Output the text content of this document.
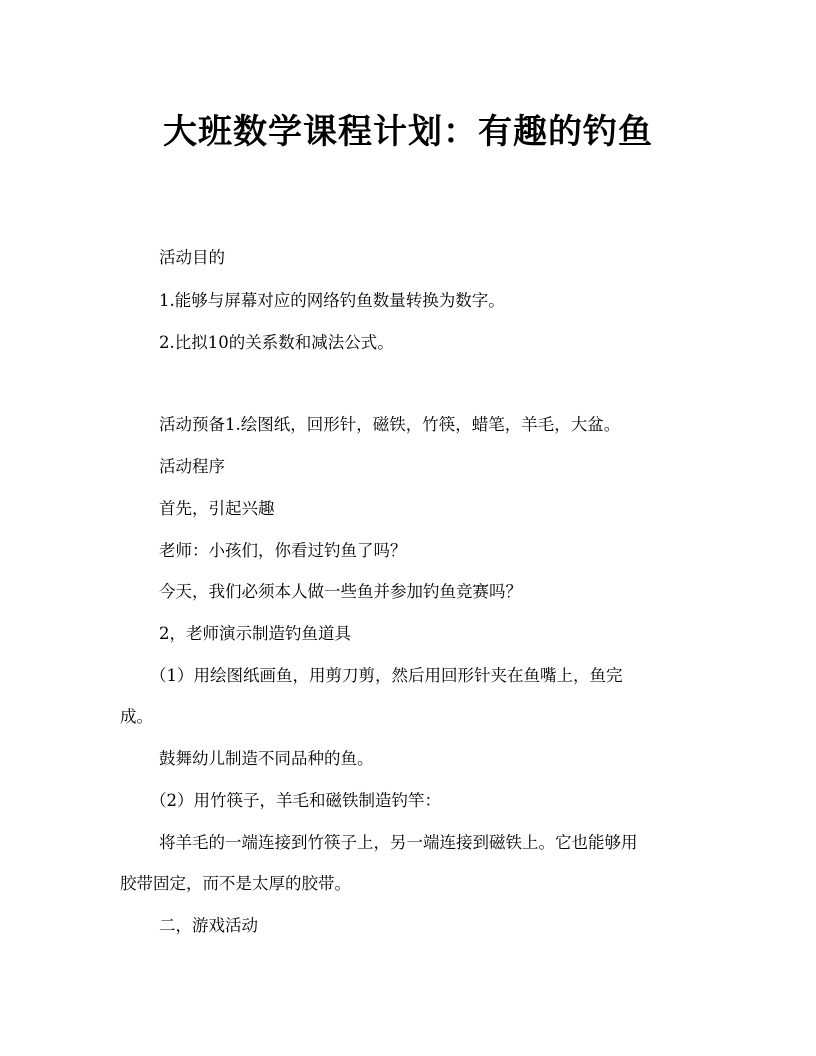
大班数学课程计划：有趣的钓鱼
活动目的
1.能够与屏幕对应的网络钓鱼数量转换为数字。
2.比拟10的关系数和减法公式。
活动预备1.绘图纸，回形针，磁铁，竹筷，蜡笔，羊毛，大盆。
活动程序
首先，引起兴趣
老师：小孩们，你看过钓鱼了吗？
今天，我们必须本人做一些鱼并参加钓鱼竞赛吗？
2，老师演示制造钓鱼道具
（1）用绘图纸画鱼，用剪刀剪，然后用回形针夹在鱼嘴上，鱼完
成。
鼓舞幼儿制造不同品种的鱼。
（2）用竹筷子，羊毛和磁铁制造钓竿：
将羊毛的一端连接到竹筷子上，另一端连接到磁铁上。它也能够用
胶带固定，而不是太厚的胶带。
二，游戏活动
